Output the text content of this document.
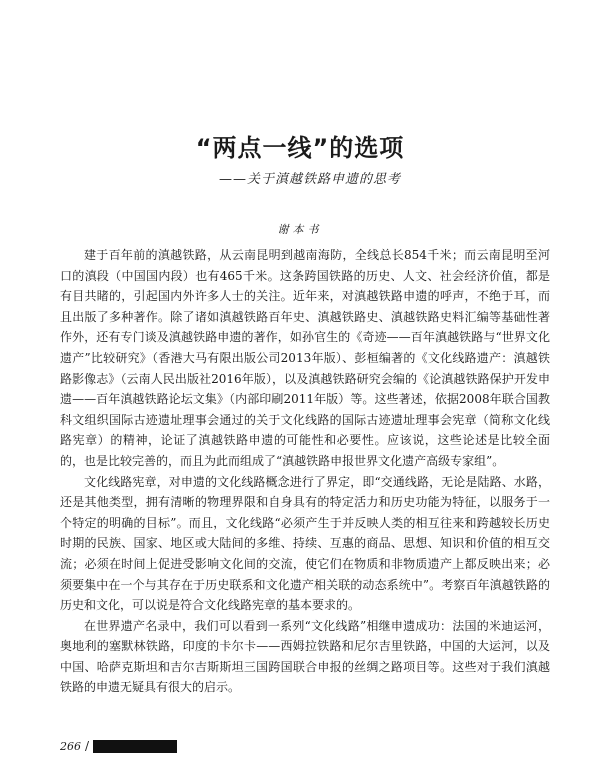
“两点一线”的选项
——关于滇越铁路申遗的思考
谢本书

建于百年前的滇越铁路，从云南昆明到越南海防，全线总长854千米；而云南昆明至河口的滇段（中国国内段）也有465千米。这条跨国铁路的历史、人文、社会经济价值，都是有目共睹的，引起国内外许多人士的关注。近年来，对滇越铁路申遗的呼声，不绝于耳，而且出版了多种著作。除了诸如滇越铁路百年史、滇越铁路史、滇越铁路史料汇编等基础性著作外，还有专门谈及滇越铁路申遗的著作，如孙官生的《奇迹——百年滇越铁路与“世界文化遗产”比较研究》（香港大马有限出版公司2013年版）、彭桓编著的《文化线路遗产：滇越铁路影像志》（云南人民出版社2016年版），以及滇越铁路研究会编的《论滇越铁路保护开发申遗——百年滇越铁路论坛文集》（内部印刷2011年版）等。这些著述，依据2008年联合国教科文组织国际古迹遗址理事会通过的关于文化线路的国际古迹遗址理事会宪章（简称文化线路宪章）的精神，论证了滇越铁路申遗的可能性和必要性。应该说，这些论述是比较全面的，也是比较完善的，而且为此而组成了“滇越铁路申报世界文化遗产高级专家组”。

文化线路宪章，对申遗的文化线路概念进行了界定，即“交通线路，无论是陆路、水路，还是其他类型，拥有清晰的物理界限和自身具有的特定活力和历史功能为特征，以服务于一个特定的明确的目标”。而且，文化线路“必须产生于并反映人类的相互往来和跨越较长历史时期的民族、国家、地区或大陆间的多维、持续、互惠的商品、思想、知识和价值的相互交流；必须在时间上促进受影响文化间的交流，使它们在物质和非物质遗产上都反映出来；必须要集中在一个与其存在于历史联系和文化遗产相关联的动态系统中”。考察百年滇越铁路的历史和文化，可以说是符合文化线路宪章的基本要求的。

在世界遗产名录中，我们可以看到一系列“文化线路”相继申遗成功：法国的米迪运河，奥地利的塞默林铁路，印度的卡尔卡——西姆拉铁路和尼尔吉里铁路，中国的大运河，以及中国、哈萨克斯坦和吉尔吉斯斯坦三国跨国联合申报的丝绸之路项目等。这些对于我们滇越铁路的申遗无疑具有很大的启示。

266 /
